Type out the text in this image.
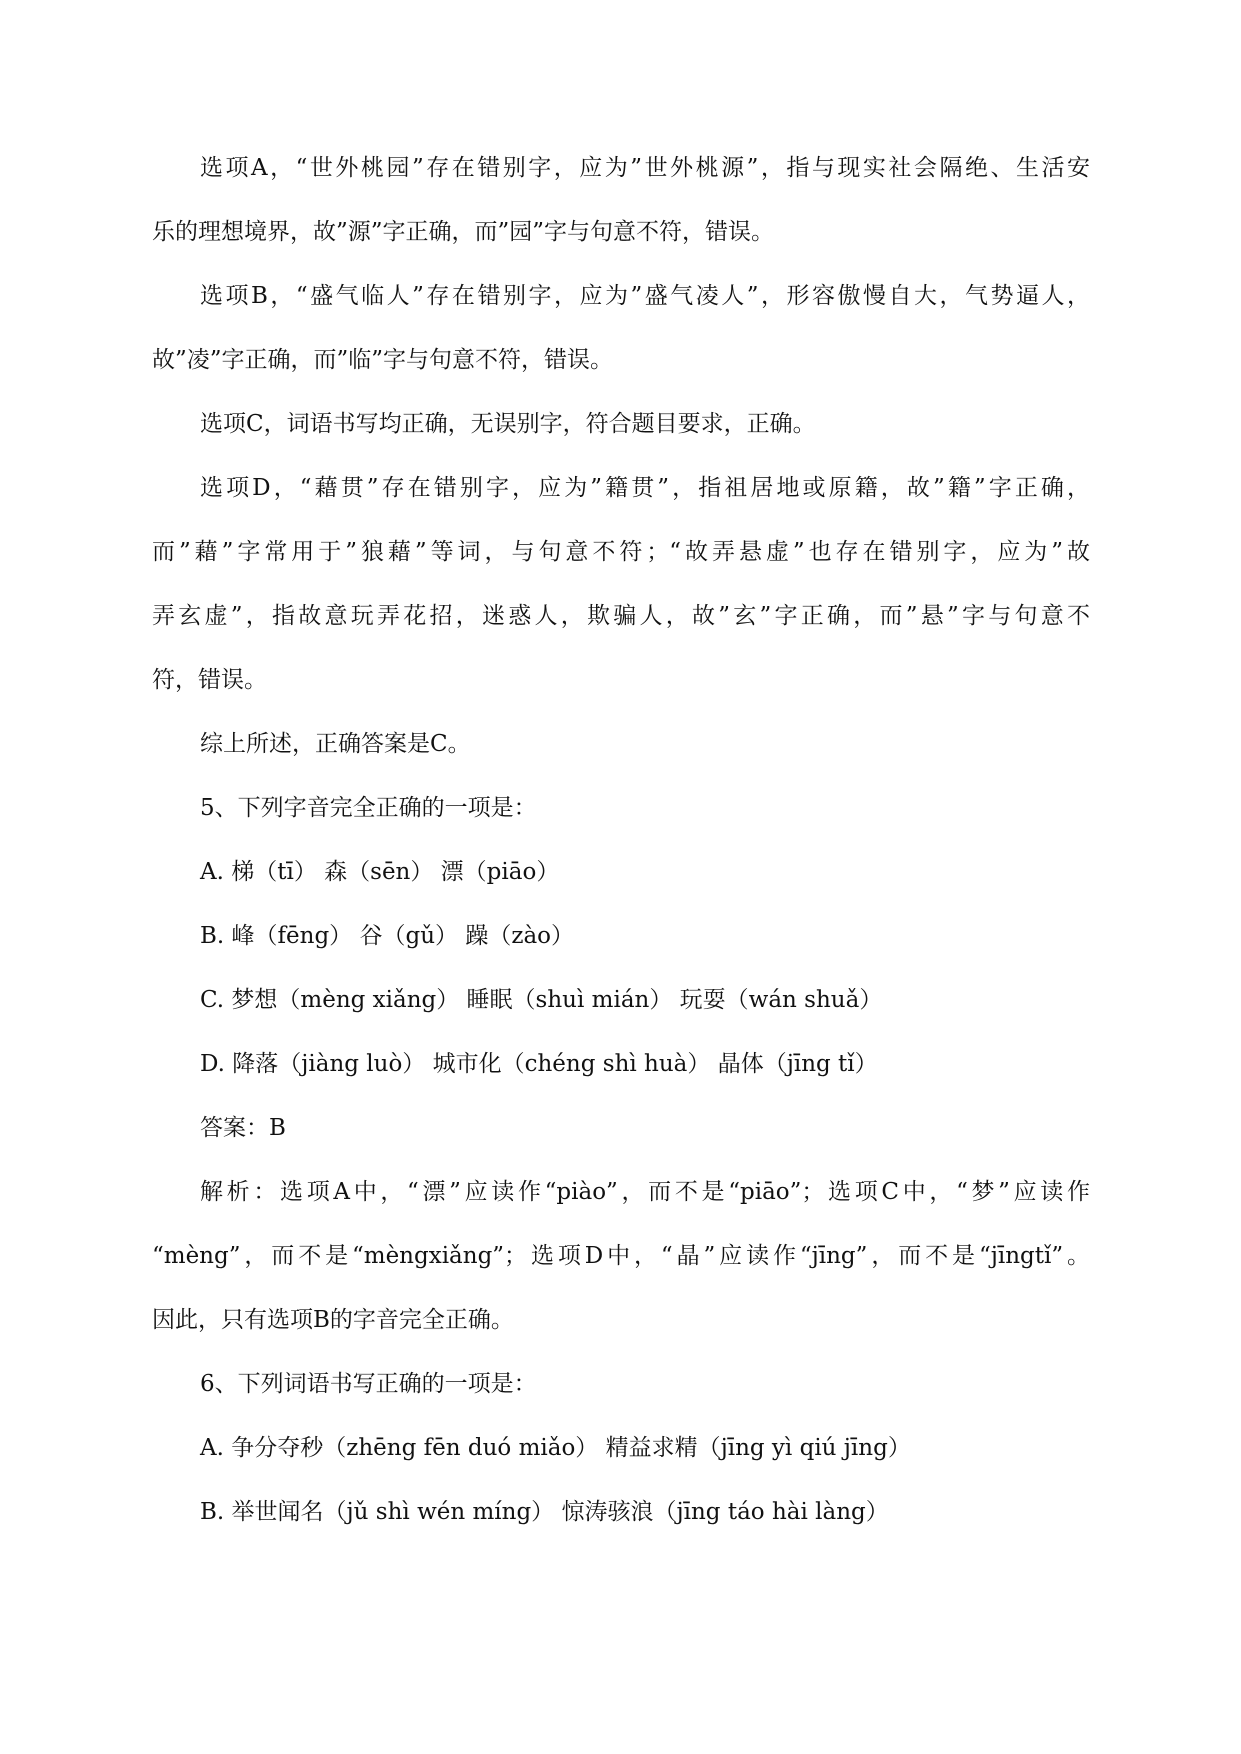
选项A，“世外桃园”存在错别字，应为”世外桃源”，指与现实社会隔绝、生活安

乐的理想境界，故”源”字正确，而”园”字与句意不符，错误。

选项B，“盛气临人”存在错别字，应为”盛气凌人”，形容傲慢自大，气势逼人，

故”凌”字正确，而”临”字与句意不符，错误。

选项C，词语书写均正确，无误别字，符合题目要求，正确。

选项D，“藉贯”存在错别字，应为”籍贯”，指祖居地或原籍，故”籍”字正确，

而”藉”字常用于”狼藉”等词，与句意不符；“故弄悬虚”也存在错别字，应为”故

弄玄虚”，指故意玩弄花招，迷惑人，欺骗人，故”玄”字正确，而”悬”字与句意不

符，错误。

综上所述，正确答案是C。

5、下列字音完全正确的一项是：

A. 梯（tī） 森（sēn） 漂（piāo）

B. 峰（fēng） 谷（gǔ） 躁（zào）

C. 梦想（mèng xiǎng） 睡眠（shuì mián） 玩耍（wán shuǎ）

D. 降落（jiàng luò） 城市化（chéng shì huà） 晶体（jīng tǐ）

答案：B

解析：选项A中，“漂”应读作“piào”，而不是“piāo”；选项C中，“梦”应读作

“mèng”，而不是“mèngxiǎng”；选项D中，“晶”应读作“jīng”，而不是“jīngtǐ”。

因此，只有选项B的字音完全正确。

6、下列词语书写正确的一项是：

A. 争分夺秒（zhēng fēn duó miǎo） 精益求精（jīng yì qiú jīng）

B. 举世闻名（jǔ shì wén míng） 惊涛骇浪（jīng táo hài làng）
